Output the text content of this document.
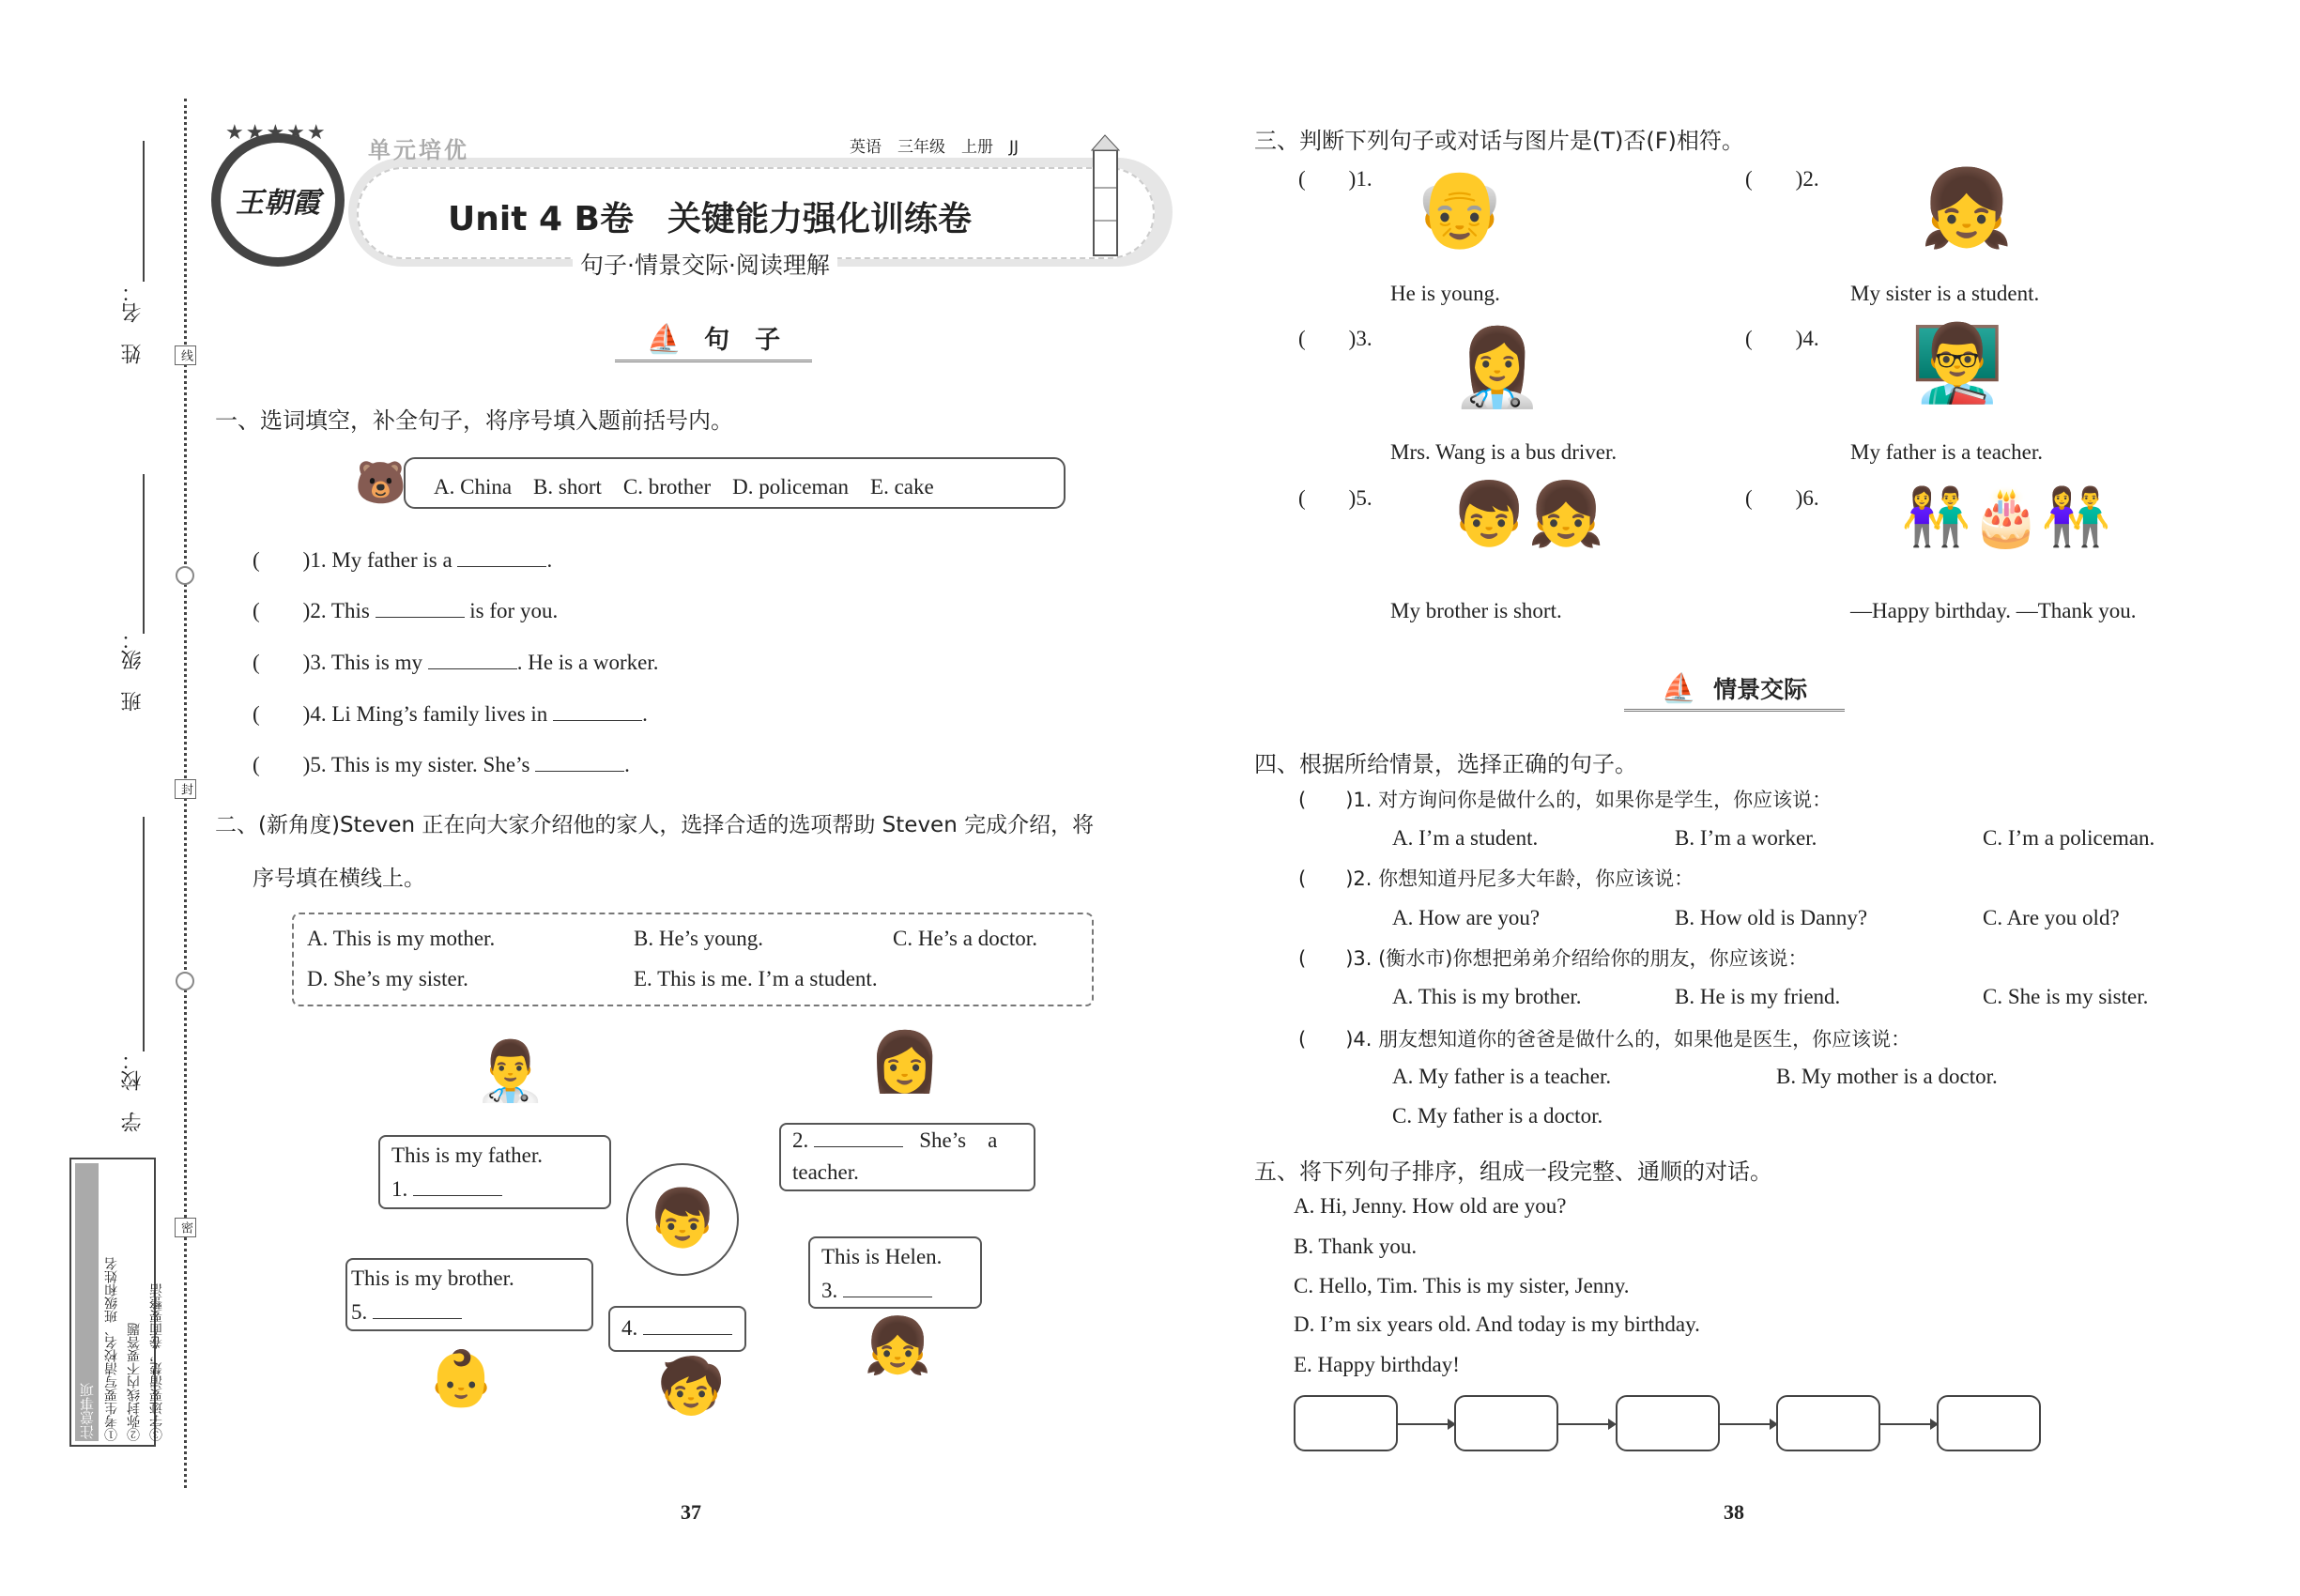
姓　名：
班　级：
学　校：
线
封
密
注意事项 ①考生要写清校名、班级和姓名 ②弥封线内不要答题 ③字迹要清楚，卷面要整洁
王朝霞
★★★★★
单元培优	英语　三年级　上册　JJ
Unit 4 B卷　关键能力强化训练卷
句子·情景交际·阅读理解
⛵ 句　子
一、选词填空，补全句子，将序号填入题前括号内。
🐻	A. China　B. short　C. brother　D. policeman　E. cake
(　　)1. My father is a	.
(　　)2. This	is for you.
(　　)3. This is my	. He is a worker.
(　　)4. Li Ming’s family lives in	.
(　　)5. This is my sister. She’s	.
二、(新角度)Steven 正在向大家介绍他的家人，选择合适的选项帮助 Steven 完成介绍，将
序号填在横线上。
A. This is my mother.	B. He’s young.	C. He’s a doctor.
D. She’s my sister.	E. This is me. I’m a student.
👨‍⚕️	👩
👦
👶	🧒
👧
This is my father.
1.
2.	She’s　a
teacher.
This is Helen.
3.
This is my brother.
5.
4.
37
三、判断下列句子或对话与图片是(T)否(F)相符。
(　　)1. 👴
He is young.
(　　)2. 👧
My sister is a student.
(　　)3. 👩‍⚕️
Mrs. Wang is a bus driver.
(　　)4. 👨‍🏫
My father is a teacher.
(　　)5. 👦👧
My brother is short.
(　　)6. 👫🎂👫
—Happy birthday. —Thank you.
⛵ 情景交际
四、根据所给情景，选择正确的句子。
(　　)1. 对方询问你是做什么的，如果你是学生，你应该说：
A. I’m a student.	B. I’m a worker.	C. I’m a policeman.
(　　)2. 你想知道丹尼多大年龄，你应该说：
A. How are you?	B. How old is Danny?	C. Are you old?
(　　)3. (衡水市)你想把弟弟介绍给你的朋友，你应该说：
A. This is my brother.	B. He is my friend.	C. She is my sister.
(　　)4. 朋友想知道你的爸爸是做什么的，如果他是医生，你应该说：
A. My father is a teacher.	B. My mother is a doctor.
C. My father is a doctor.
五、将下列句子排序，组成一段完整、通顺的对话。
A. Hi, Jenny. How old are you?
B. Thank you.
C. Hello, Tim. This is my sister, Jenny.
D. I’m six years old. And today is my birthday.
E. Happy birthday!
38
